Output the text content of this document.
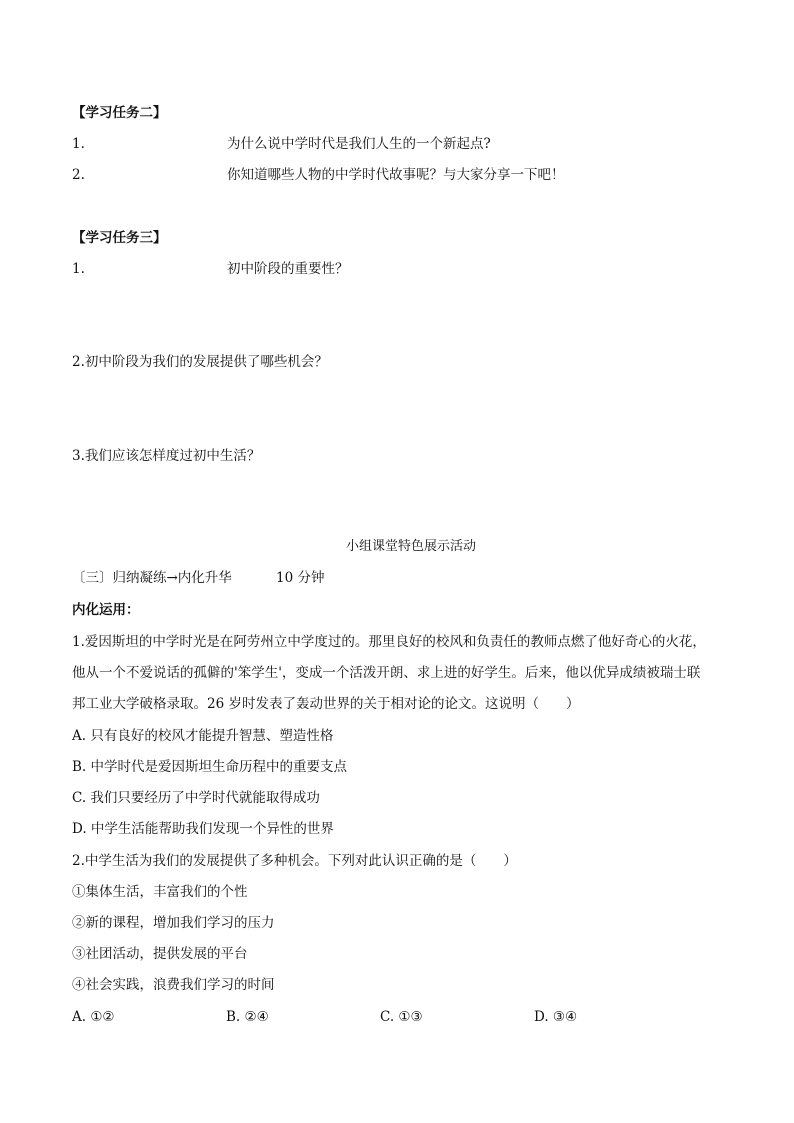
【学习任务二】
1.	为什么说中学时代是我们人生的一个新起点?
2.	你知道哪些人物的中学时代故事呢？与大家分享一下吧！
【学习任务三】
1.	初中阶段的重要性？
2.初中阶段为我们的发展提供了哪些机会？
3.我们应该怎样度过初中生活？
小组课堂特色展示活动
〔三〕归纳凝练→内化升华	10 分钟
内化运用：
1.爱因斯坦的中学时光是在阿劳州立中学度过的。那里良好的校风和负责任的教师点燃了他好奇心的火花，
他从一个不爱说话的孤僻的'笨学生'，变成一个活泼开朗、求上进的好学生。后来，他以优异成绩被瑞士联
邦工业大学破格录取。26 岁时发表了轰动世界的关于相对论的论文。这说明（　　）
A. 只有良好的校风才能提升智慧、塑造性格
B. 中学时代是爱因斯坦生命历程中的重要支点
C. 我们只要经历了中学时代就能取得成功
D. 中学生活能帮助我们发现一个异性的世界
2.中学生活为我们的发展提供了多种机会。下列对此认识正确的是（　　）
①集体生活，丰富我们的个性
②新的课程，增加我们学习的压力
③社团活动，提供发展的平台
④社会实践，浪费我们学习的时间
A. ①②	B. ②④	C. ①③	D. ③④
